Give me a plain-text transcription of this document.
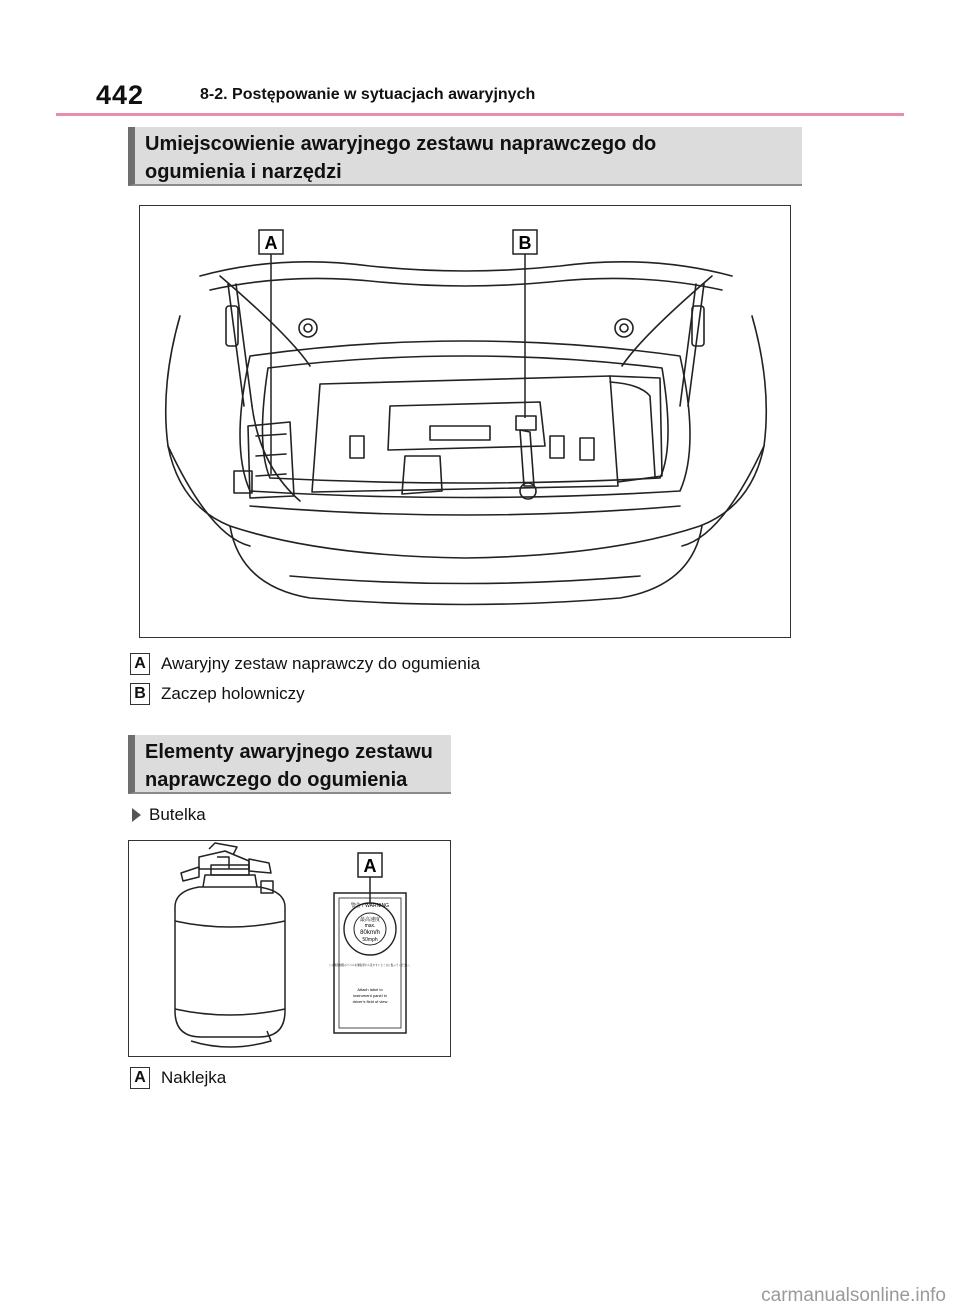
442	8-2. Postępowanie w sytuacjach awaryjnych
Umiejscowienie awaryjnego zestawu naprawczego do
ogumienia i narzędzi
A	B
A Awaryjny zestaw naprawczy do ogumienia
B Zaczep holowniczy
Elementy awaryjnego zestawu
naprawczego do ogumienia
Butelka
警告 / WARNING
最高速度
max.
80km/h
50mph
この速度制限のラベルを運転席から見やすいところに貼ってください。
Attach label to
instrument panel in
driver's field of view
A
A Naklejka
carmanualsonline.info
